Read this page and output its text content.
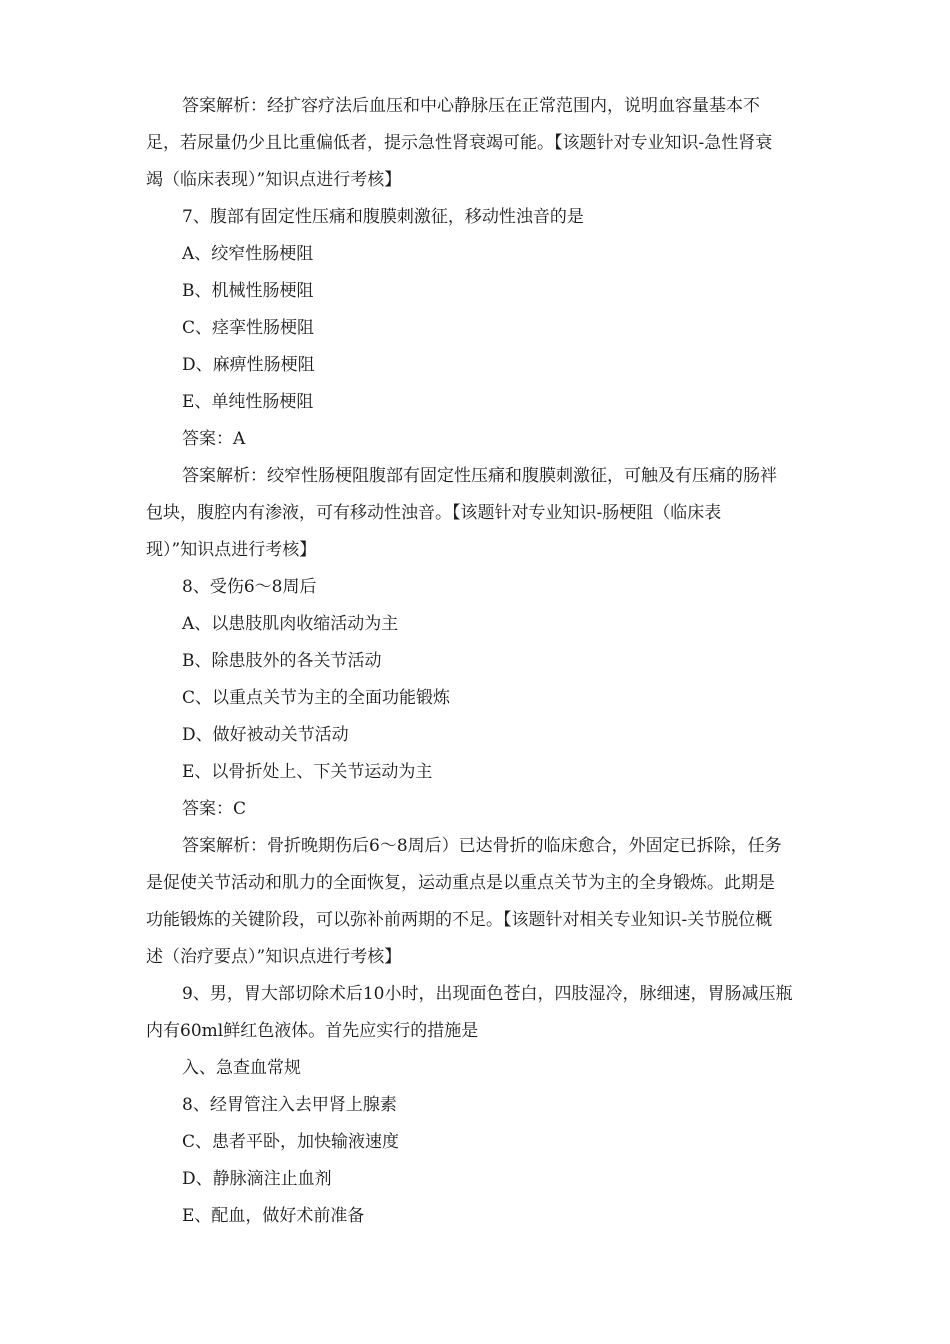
答案解析：经扩容疗法后血压和中心静脉压在正常范围内，说明血容量基本不
足，若尿量仍少且比重偏低者，提示急性肾衰竭可能。【该题针对专业知识-急性肾衰
竭（临床表现）”知识点进行考核】
7、腹部有固定性压痛和腹膜刺激征，移动性浊音的是
A、绞窄性肠梗阻
B、机械性肠梗阻
C、痉挛性肠梗阻
D、麻痹性肠梗阻
E、单纯性肠梗阻
答案：A
答案解析：绞窄性肠梗阻腹部有固定性压痛和腹膜刺激征，可触及有压痛的肠袢
包块，腹腔内有渗液，可有移动性浊音。【该题针对专业知识-肠梗阻（临床表
现）”知识点进行考核】
8、受伤6〜8周后
A、以患肢肌肉收缩活动为主
B、除患肢外的各关节活动
C、以重点关节为主的全面功能锻炼
D、做好被动关节活动
E、以骨折处上、下关节运动为主
答案：C
答案解析：骨折晚期伤后6〜8周后）已达骨折的临床愈合，外固定已拆除，任务
是促使关节活动和肌力的全面恢复，运动重点是以重点关节为主的全身锻炼。此期是
功能锻炼的关键阶段，可以弥补前两期的不足。【该题针对相关专业知识-关节脱位概
述（治疗要点）”知识点进行考核】
9、男，胃大部切除术后10小时，出现面色苍白，四肢湿冷，脉细速，胃肠减压瓶
内有60ml鲜红色液体。首先应实行的措施是
入、急查血常规
8、经胃管注入去甲肾上腺素
C、患者平卧，加快输液速度
D、静脉滴注止血剂
E、配血，做好术前准备
